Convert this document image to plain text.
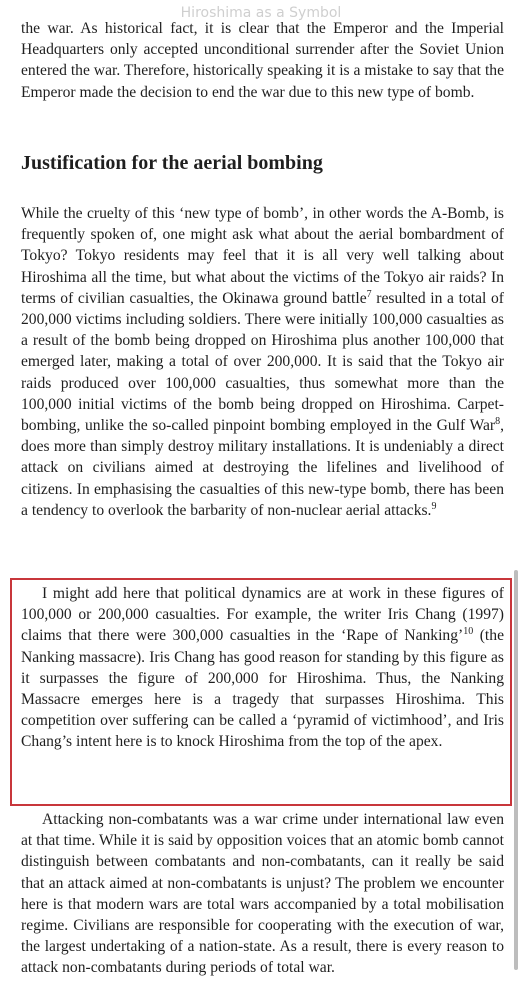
Hiroshima as a Symbol

the war. As historical fact, it is clear that the Emperor and the Imperial Headquarters only accepted unconditional surrender after the Soviet Union entered the war. Therefore, historically speaking it is a mistake to say that the Emperor made the decision to end the war due to this new type of bomb.

Justification for the aerial bombing

While the cruelty of this ‘new type of bomb’, in other words the A-Bomb, is frequently spoken of, one might ask what about the aerial bombardment of Tokyo? Tokyo residents may feel that it is all very well talking about Hiroshima all the time, but what about the victims of the Tokyo air raids? In terms of civilian casualties, the Okinawa ground battle$^7$ resulted in a total of 200,000 victims including soldiers. There were initially 100,000 casualties as a result of the bomb being dropped on Hiroshima plus another 100,000 that emerged later, making a total of over 200,000. It is said that the Tokyo air raids produced over 100,000 casualties, thus somewhat more than the 100,000 initial victims of the bomb being dropped on Hiroshima. Carpet-bombing, unlike the so-called pinpoint bombing employed in the Gulf War$^8$, does more than simply destroy military installations. It is undeniably a direct attack on civilians aimed at destroying the lifelines and livelihood of citizens. In emphasising the casualties of this new-type bomb, there has been a tendency to overlook the barbarity of non-nuclear aerial attacks.$^9$

I might add here that political dynamics are at work in these figures of 100,000 or 200,000 casualties. For example, the writer Iris Chang (1997) claims that there were 300,000 casualties in the ‘Rape of Nanking’$^{10}$ (the Nanking massacre). Iris Chang has good reason for standing by this figure as it surpasses the figure of 200,000 for Hiroshima. Thus, the Nanking Massacre emerges here is a tragedy that surpasses Hiroshima. This competition over suffering can be called a ‘pyramid of victimhood’, and Iris Chang’s intent here is to knock Hiroshima from the top of the apex.

Attacking non-combatants was a war crime under international law even at that time. While it is said by opposition voices that an atomic bomb cannot distinguish between combatants and non-combatants, can it really be said that an attack aimed at non-combatants is unjust? The problem we encounter here is that modern wars are total wars accompanied by a total mobilisation regime. Civilians are responsible for cooperating with the execution of war, the largest undertaking of a nation-state. As a result, there is every reason to attack non-combatants during periods of total war.
